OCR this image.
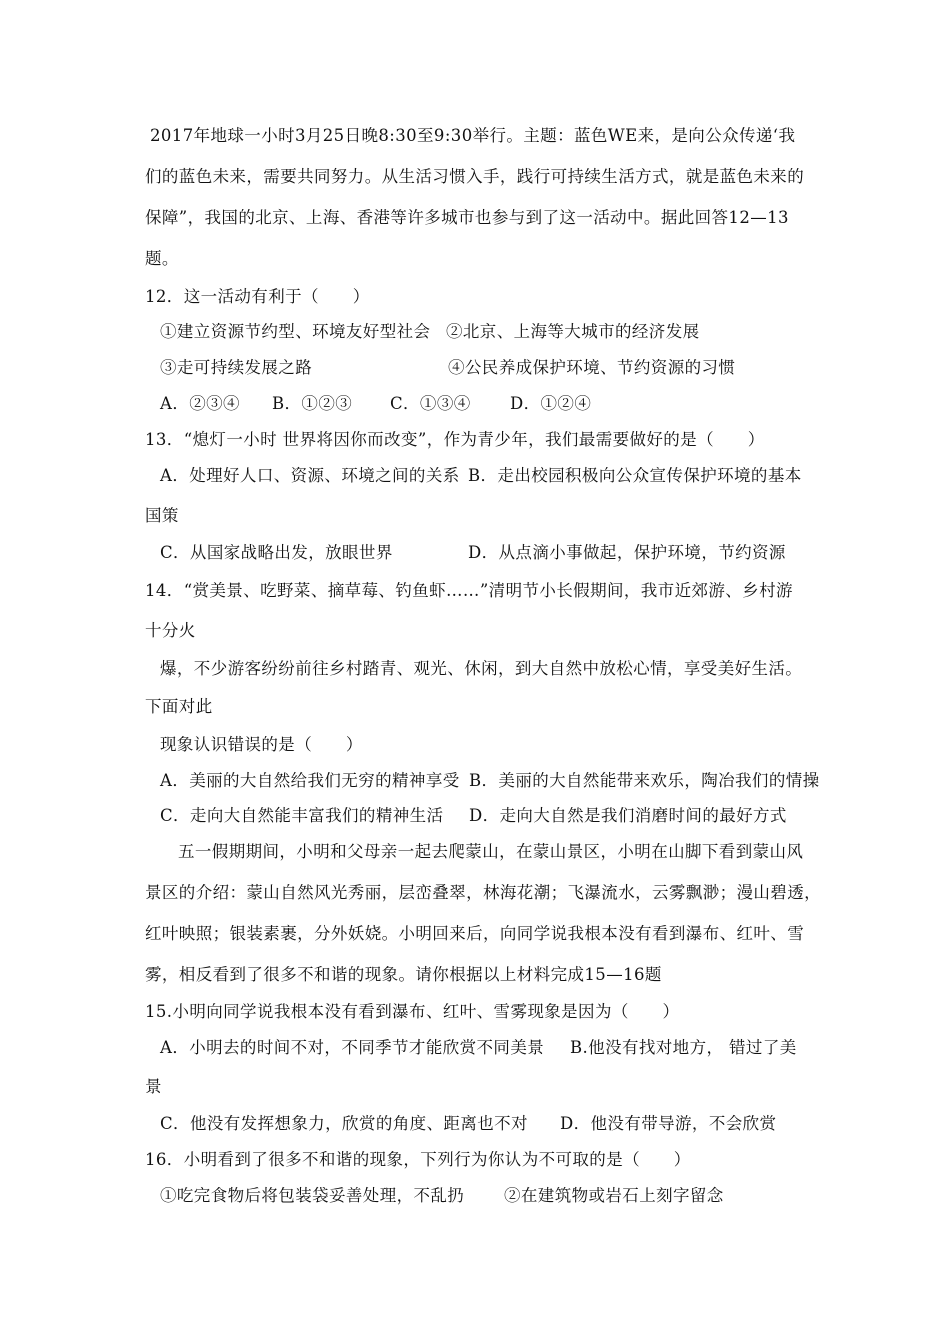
2017年地球一小时3月25日晚8:30至9:30举行。主题：蓝色WE来，是向公众传递‘我
们的蓝色未来，需要共同努力。从生活习惯入手，践行可持续生活方式，就是蓝色未来的
保障”，我国的北京、上海、香港等许多城市也参与到了这一活动中。据此回答12—13
题。
12．这一活动有利于（　　）
①建立资源节约型、环境友好型社会 ②北京、上海等大城市的经济发展
③走可持续发展之路	④公民养成保护环境、节约资源的习惯
A．②③④ B．①②③ C．①③④ D．①②④
13．“熄灯一小时 世界将因你而改变”，作为青少年，我们最需要做好的是（　　）
A．处理好人口、资源、环境之间的关系 B．走出校园积极向公众宣传保护环境的基本
国策
C．从国家战略出发，放眼世界	D．从点滴小事做起，保护环境，节约资源
14．“赏美景、吃野菜、摘草莓、钓鱼虾……”清明节小长假期间，我市近郊游、乡村游
十分火
爆，不少游客纷纷前往乡村踏青、观光、休闲，到大自然中放松心情，享受美好生活。
下面对此
现象认识错误的是（　　）
A．美丽的大自然给我们无穷的精神享受 B．美丽的大自然能带来欢乐，陶冶我们的情操
C．走向大自然能丰富我们的精神生活 D．走向大自然是我们消磨时间的最好方式
五一假期期间，小明和父母亲一起去爬蒙山，在蒙山景区，小明在山脚下看到蒙山风
景区的介绍：蒙山自然风光秀丽，层峦叠翠，林海花潮；飞瀑流水，云雾飘渺；漫山碧透，
红叶映照；银装素裹，分外妖娆。小明回来后，向同学说我根本没有看到瀑布、红叶、雪
雾，相反看到了很多不和谐的现象。请你根据以上材料完成15—16题
15.小明向同学说我根本没有看到瀑布、红叶、雪雾现象是因为（　　）
A．小明去的时间不对，不同季节才能欣赏不同美景 B.他没有找对地方， 错过了美
景
C．他没有发挥想象力，欣赏的角度、距离也不对 D．他没有带导游，不会欣赏
16．小明看到了很多不和谐的现象，下列行为你认为不可取的是（　　）
①吃完食物后将包装袋妥善处理，不乱扔 ②在建筑物或岩石上刻字留念
